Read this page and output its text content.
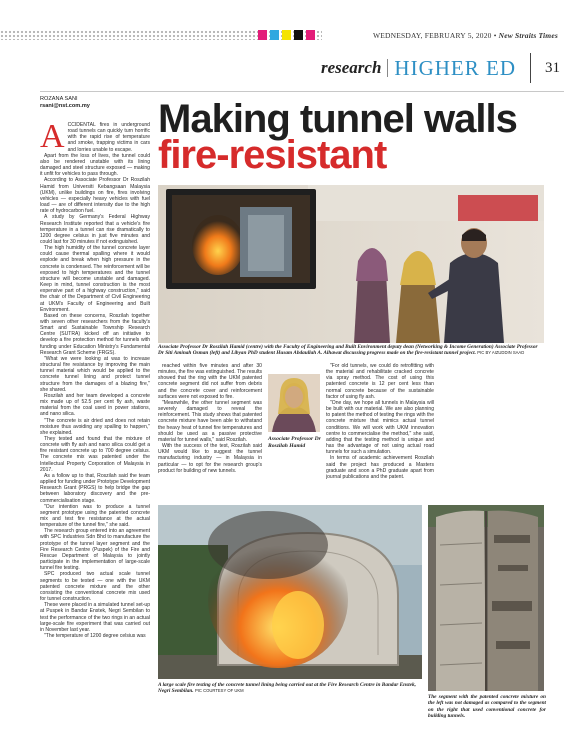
WEDNESDAY, FEBRUARY 5, 2020 • New Straits Times
research HIGHER ED 31
ROZANA SANI
rsani@nst.com.my Making tunnel walls
fire-resistant
A CCIDENTAL fires in underground road tunnels can quickly turn horrific with the rapid rise of temperature and smoke, trapping victims in cars and lorries unable to escape.

Apart from the loss of lives, the tunnel could also be rendered unstable with its lining damaged and steel structure exposed — making it unfit for vehicles to pass through.

According to Associate Professor Dr Roszilah Hamid from Universiti Kebangsaan Malaysia (UKM), unlike buildings on fire, fires involving vehicles — especially heavy vehicles with fuel load — are of different intensity due to the high rate of hydrocarbon fuel.

A study by Germany's Federal Highway Research Institute reported that a vehicle's fire temperature in a tunnel can rise dramatically to 1200 degree celsius in just five minutes and could last for 30 minutes if not extinguished.

The high humidity of the tunnel concrete layer could cause thermal spalling where it would explode and break when high pressure in the concrete is condensed. The reinforcement will be exposed to high temperatures and the tunnel structure will become unstable and damaged. Keep in mind, tunnel construction is the most expensive part of a highway construction," said the chair of the Department of Civil Engineering at UKM's Faculty of Engineering and Built Environment.

Based on these concerns, Roszilah together with seven other researchers from the faculty's Smart and Sustainable Township Research Centre (SUTRA) kicked off an initiative to develop a fire protection method for tunnels with funding under Education Ministry's Fundamental Research Grant Scheme (FRGS).

"What we were looking at was to increase structural fire resistance by improving the main tunnel material which would be applied to the concrete tunnel lining and protect tunnel structure from the damages of a blazing fire," she shared.

Roszilah and her team developed a concrete mix made up of 52.5 per cent fly ash, waste material from the coal used in power stations, and nano silica.

"The concrete is air dried and does not retain moisture thus avoiding any spalling to happen," she explained.

They tested and found that the mixture of concrete with fly ash and nano silica could get a fire resistant concrete up to 700 degree celsius. The concrete mix was patented under the Intellectual Property Corporation of Malaysia in 2017.

As a follow up to that, Roszilah said the team applied for funding under Prototype Development Research Grant (PRGS) to help bridge the gap between laboratory discovery and the pre-commercialisation stage.

"Our intention was to produce a tunnel segment prototype using the patented concrete mix and test fire resistance at the actual temperature of the tunnel fire," she said.

The research group entered into an agreement with SPC Industries Sdn Bhd to manufacture the prototype of the tunnel layer segment and the Fire Research Centre (Puspek) of the Fire and Rescue Department of Malaysia to jointly participate in the implementation of large-scale tunnel fire testing.

SPC produced two actual scale tunnel segments to be tested — one with the UKM patented concrete mixture and the other consisting the conventional concrete mix used for tunnel construction.

These were placed in a simulated tunnel set-up at Puspek in Bandar Enstek, Negri Sembilan to test the performance of the two rings in an actual large-scale fire experiment that was carried out in November last year.

"The temperature of 1200 degree celsius was

Associate Professor Dr Roszilah Hamid (centre) with the Faculty of Engineering and Built Environment deputy dean (Networking & Income Generation) Associate Professor Dr Siti Aminah Osman (left) and Libyan PhD student Husam Abdaullah A. Alhawat discussing progress made on the fire-resistant tunnel project. PIC BY AIZUDDIN SAAD

reached within five minutes and after 30 minutes, the fire was extinguished. The results showed that the ring with the UKM patented concrete segment did not suffer from debris and the concrete cover and reinforcement surfaces were not exposed to fire.

"Meanwhile, the other tunnel segment was severely damaged to reveal the reinforcement. This study shows that patented concrete mixture have been able to withstand the heavy heat of tunnel fire temperatures and should be used as a passive protective material for tunnel walls," said Roszilah.

With the success of the test, Roszilah said UKM would like to suggest the tunnel manufacturing industry — in Malaysia in particular — to opt for the research group's product for building of new tunnels.

Associate Professor Dr Roszilah Hamid

"For old tunnels, we could do retrofitting with the material and rehabilitate cracked concrete via spray method. The cost of using this patented concrete is 12 per cent less than normal concrete because of the sustainable factor of using fly ash.

"One day, we hope all tunnels in Malaysia will be built with our material. We are also planning to patent the method of testing the rings with the concrete mixture that mimics actual tunnel conditions. We will work with UKM innovation centre to commercialise the method," she said, adding that the testing method is unique and has the advantage of not using actual road tunnels for such a simulation.

In terms of academic achievement Roszilah said the project has produced a Masters graduate and soon a PhD graduate apart from journal publications and the patent.

A large scale fire testing of the concrete tunnel lining being carried out at the Fire Research Centre in Bandar Enstek, Negri Sembilan. PIC COURTESY OF UKM
The segment with the patented concrete mixture on the left was not damaged as compared to the segment on the right that used conventional concrete for building tunnels.
